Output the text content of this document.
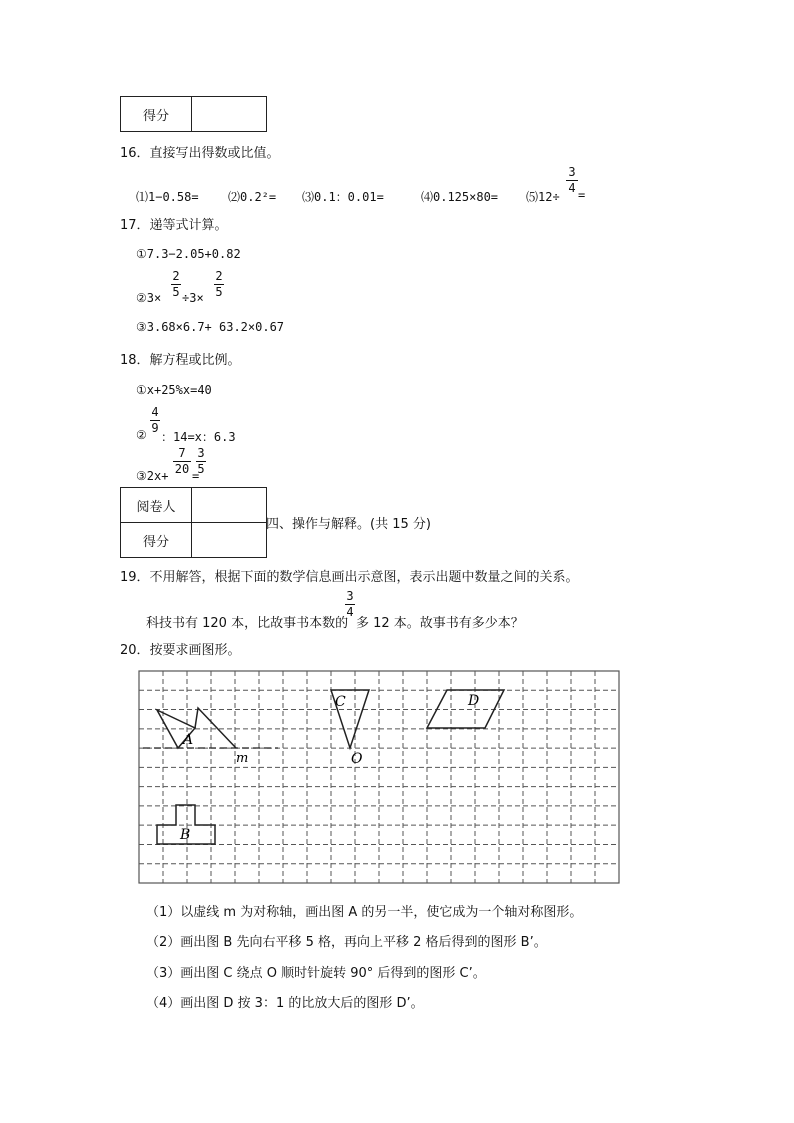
得分	
16．直接写出得数或比值。
⑴1−0.58= ⑵0.2²= ⑶0.1：0.01=	⑷0.125×80= ⑸12÷
3
4 =
17．递等式计算。
①7.3−2.05+0.82
②3×
2
5 ÷3×
2
5
③3.68×6.7+ 63.2×0.67
18．解方程或比例。
①x+25%x=40
②
4
9
：14=x：6.3
③2x+
7
20 =
3
5
阅卷人	
得分	
四、操作与解释。(共 15 分)
19．不用解答，根据下面的数学信息画出示意图，表示出题中数量之间的关系。
科技书有 120 本，比故事书本数的
3
4
多 12 本。故事书有多少本？
20．按要求画图形。
A
m
B
C
O
D
（1）以虚线 m 为对称轴，画出图 A 的另一半，使它成为一个轴对称图形。
（2）画出图 B 先向右平移 5 格，再向上平移 2 格后得到的图形 B’。
（3）画出图 C 绕点 O 顺时针旋转 90° 后得到的图形 C’。
（4）画出图 D 按 3：1 的比放大后的图形 D’。
